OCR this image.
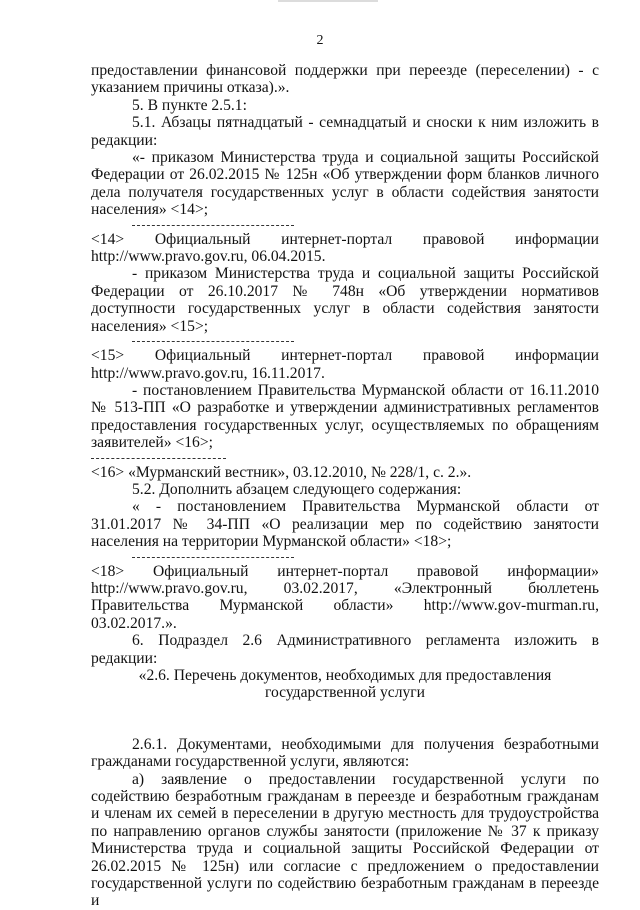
2

предоставлении финансовой поддержки при переезде (переселении) - с указанием причины отказа).».

5. В пункте 2.5.1:

5.1. Абзацы пятнадцатый - семнадцатый и сноски к ним изложить в редакции:

«- приказом Министерства труда и социальной защиты Российской Федерации от 26.02.2015 № 125н «Об утверждении форм бланков личного дела получателя государственных услуг в области содействия занятости населения» <14>;

<14> Официальный интернет-портал правовой информации
http://www.pravo.gov.ru, 06.04.2015.

- приказом Министерства труда и социальной защиты Российской Федерации от 26.10.2017 № 748н «Об утверждении нормативов доступности государственных услуг в области содействия занятости населения» <15>;

<15> Официальный интернет-портал правовой информации
http://www.pravo.gov.ru, 16.11.2017.

- постановлением Правительства Мурманской области от 16.11.2010 № 513-ПП «О разработке и утверждении административных регламентов предоставления государственных услуг, осуществляемых по обращениям заявителей» <16>;

<16> «Мурманский вестник», 03.12.2010, № 228/1, с. 2.».

5.2. Дополнить абзацем следующего содержания:

« - постановлением Правительства Мурманской области от 31.01.2017 № 34-ПП «О реализации мер по содействию занятости населения на территории Мурманской области» <18>;

<18> Официальный интернет-портал правовой информации»
http://www.pravo.gov.ru, 03.02.2017, «Электронный бюллетень Правительства Мурманской области» http://www.gov-murman.ru, 03.02.2017.».

6. Подраздел 2.6 Административного регламента изложить в редакции:

«2.6. Перечень документов, необходимых для предоставления

государственной услуги

2.6.1. Документами, необходимыми для получения безработными гражданами государственной услуги, являются:

а) заявление о предоставлении государственной услуги по содействию безработным гражданам в переезде и безработным гражданам и членам их семей в переселении в другую местность для трудоустройства по направлению органов службы занятости (приложение № 37 к приказу Министерства труда и социальной защиты Российской Федерации от 26.02.2015 № 125н) или согласие с предложением о предоставлении государственной услуги по содействию безработным гражданам в переезде и
